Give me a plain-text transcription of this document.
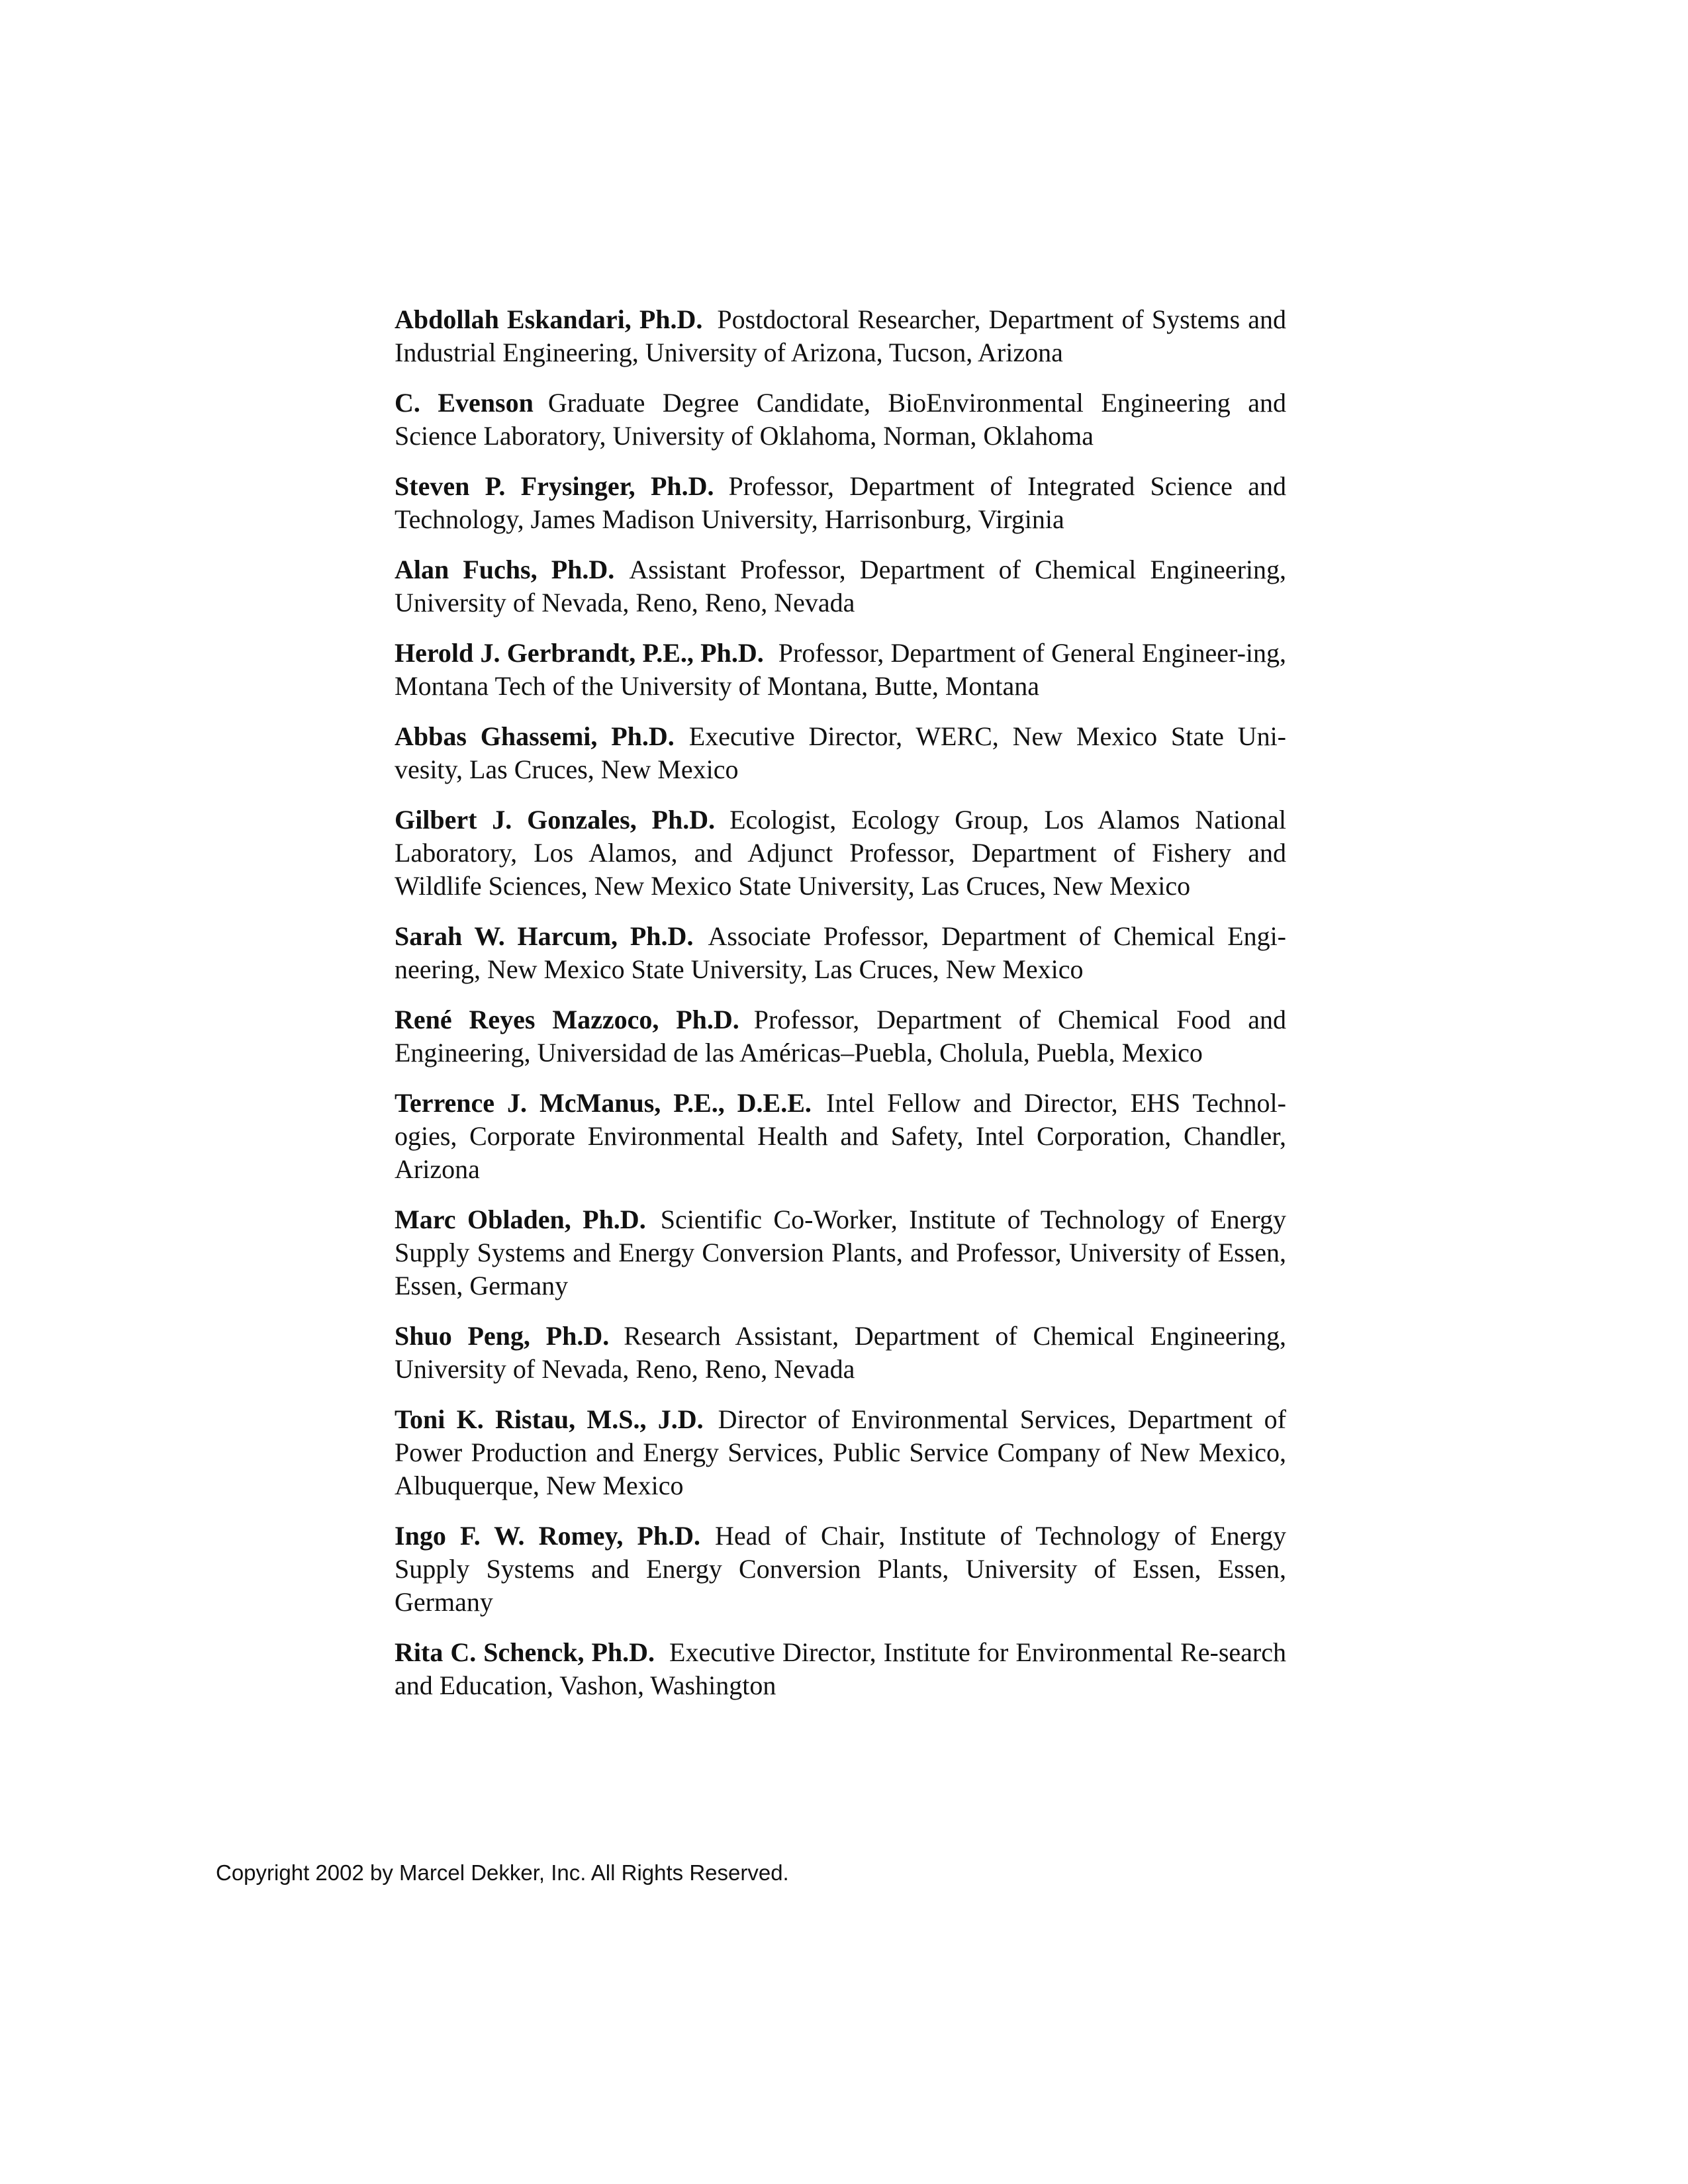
Abdollah Eskandari, Ph.D. Postdoctoral Researcher, Department of Systems and Industrial Engineering, University of Arizona, Tucson, Arizona

C. Evenson Graduate Degree Candidate, BioEnvironmental Engineering and Science Laboratory, University of Oklahoma, Norman, Oklahoma

Steven P. Frysinger, Ph.D. Professor, Department of Integrated Science and Technology, James Madison University, Harrisonburg, Virginia

Alan Fuchs, Ph.D. Assistant Professor, Department of Chemical Engineering, University of Nevada, Reno, Reno, Nevada

Herold J. Gerbrandt, P.E., Ph.D. Professor, Department of General Engineer-ing, Montana Tech of the University of Montana, Butte, Montana

Abbas Ghassemi, Ph.D. Executive Director, WERC, New Mexico State Uni-vesity, Las Cruces, New Mexico

Gilbert J. Gonzales, Ph.D. Ecologist, Ecology Group, Los Alamos National Laboratory, Los Alamos, and Adjunct Professor, Department of Fishery and Wildlife Sciences, New Mexico State University, Las Cruces, New Mexico

Sarah W. Harcum, Ph.D. Associate Professor, Department of Chemical Engi-neering, New Mexico State University, Las Cruces, New Mexico

René Reyes Mazzoco, Ph.D. Professor, Department of Chemical Food and Engineering, Universidad de las Américas–Puebla, Cholula, Puebla, Mexico

Terrence J. McManus, P.E., D.E.E. Intel Fellow and Director, EHS Technol-ogies, Corporate Environmental Health and Safety, Intel Corporation, Chandler, Arizona

Marc Obladen, Ph.D. Scientific Co-Worker, Institute of Technology of Energy Supply Systems and Energy Conversion Plants, and Professor, University of Essen, Essen, Germany

Shuo Peng, Ph.D. Research Assistant, Department of Chemical Engineering, University of Nevada, Reno, Reno, Nevada

Toni K. Ristau, M.S., J.D. Director of Environmental Services, Department of Power Production and Energy Services, Public Service Company of New Mexico, Albuquerque, New Mexico

Ingo F. W. Romey, Ph.D. Head of Chair, Institute of Technology of Energy Supply Systems and Energy Conversion Plants, University of Essen, Essen, Germany

Rita C. Schenck, Ph.D. Executive Director, Institute for Environmental Re-search and Education, Vashon, Washington

Copyright 2002 by Marcel Dekker, Inc. All Rights Reserved.
